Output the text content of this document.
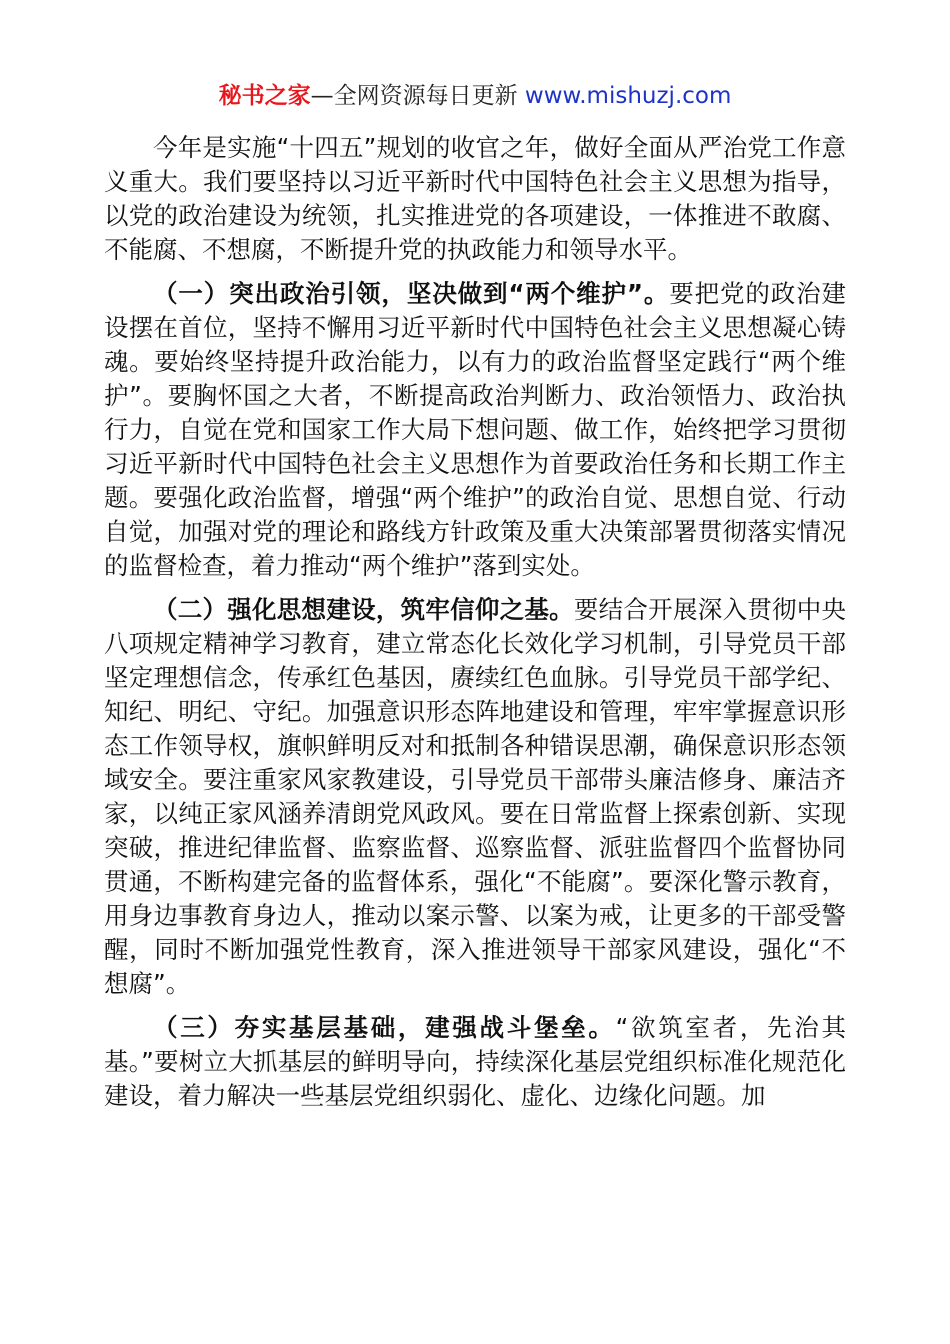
秘书之家—全网资源每日更新 www.mishuzj.com

今年是实施“十四五”规划的收官之年，做好全面从严治党工作意义重大。我们要坚持以习近平新时代中国特色社会主义思想为指导，以党的政治建设为统领，扎实推进党的各项建设，一体推进不敢腐、不能腐、不想腐，不断提升党的执政能力和领导水平。

（一）突出政治引领，坚决做到“两个维护”。要把党的政治建设摆在首位，坚持不懈用习近平新时代中国特色社会主义思想凝心铸魂。要始终坚持提升政治能力，以有力的政治监督坚定践行“两个维护”。要胸怀国之大者，不断提高政治判断力、政治领悟力、政治执行力，自觉在党和国家工作大局下想问题、做工作，始终把学习贯彻习近平新时代中国特色社会主义思想作为首要政治任务和长期工作主题。要强化政治监督，增强“两个维护”的政治自觉、思想自觉、行动自觉，加强对党的理论和路线方针政策及重大决策部署贯彻落实情况的监督检查，着力推动“两个维护”落到实处。

（二）强化思想建设，筑牢信仰之基。要结合开展深入贯彻中央八项规定精神学习教育，建立常态化长效化学习机制，引导党员干部坚定理想信念，传承红色基因，赓续红色血脉。引导党员干部学纪、知纪、明纪、守纪。加强意识形态阵地建设和管理，牢牢掌握意识形态工作领导权，旗帜鲜明反对和抵制各种错误思潮，确保意识形态领域安全。要注重家风家教建设，引导党员干部带头廉洁修身、廉洁齐家，以纯正家风涵养清朗党风政风。要在日常监督上探索创新、实现突破，推进纪律监督、监察监督、巡察监督、派驻监督四个监督协同贯通，不断构建完备的监督体系，强化“不能腐”。要深化警示教育，用身边事教育身边人，推动以案示警、以案为戒，让更多的干部受警醒，同时不断加强党性教育，深入推进领导干部家风建设，强化“不想腐”。

（三）夯实基层基础，建强战斗堡垒。“欲筑室者，先治其基。”要树立大抓基层的鲜明导向，持续深化基层党组织标准化规范化建设，着力解决一些基层党组织弱化、虚化、边缘化问题。加
